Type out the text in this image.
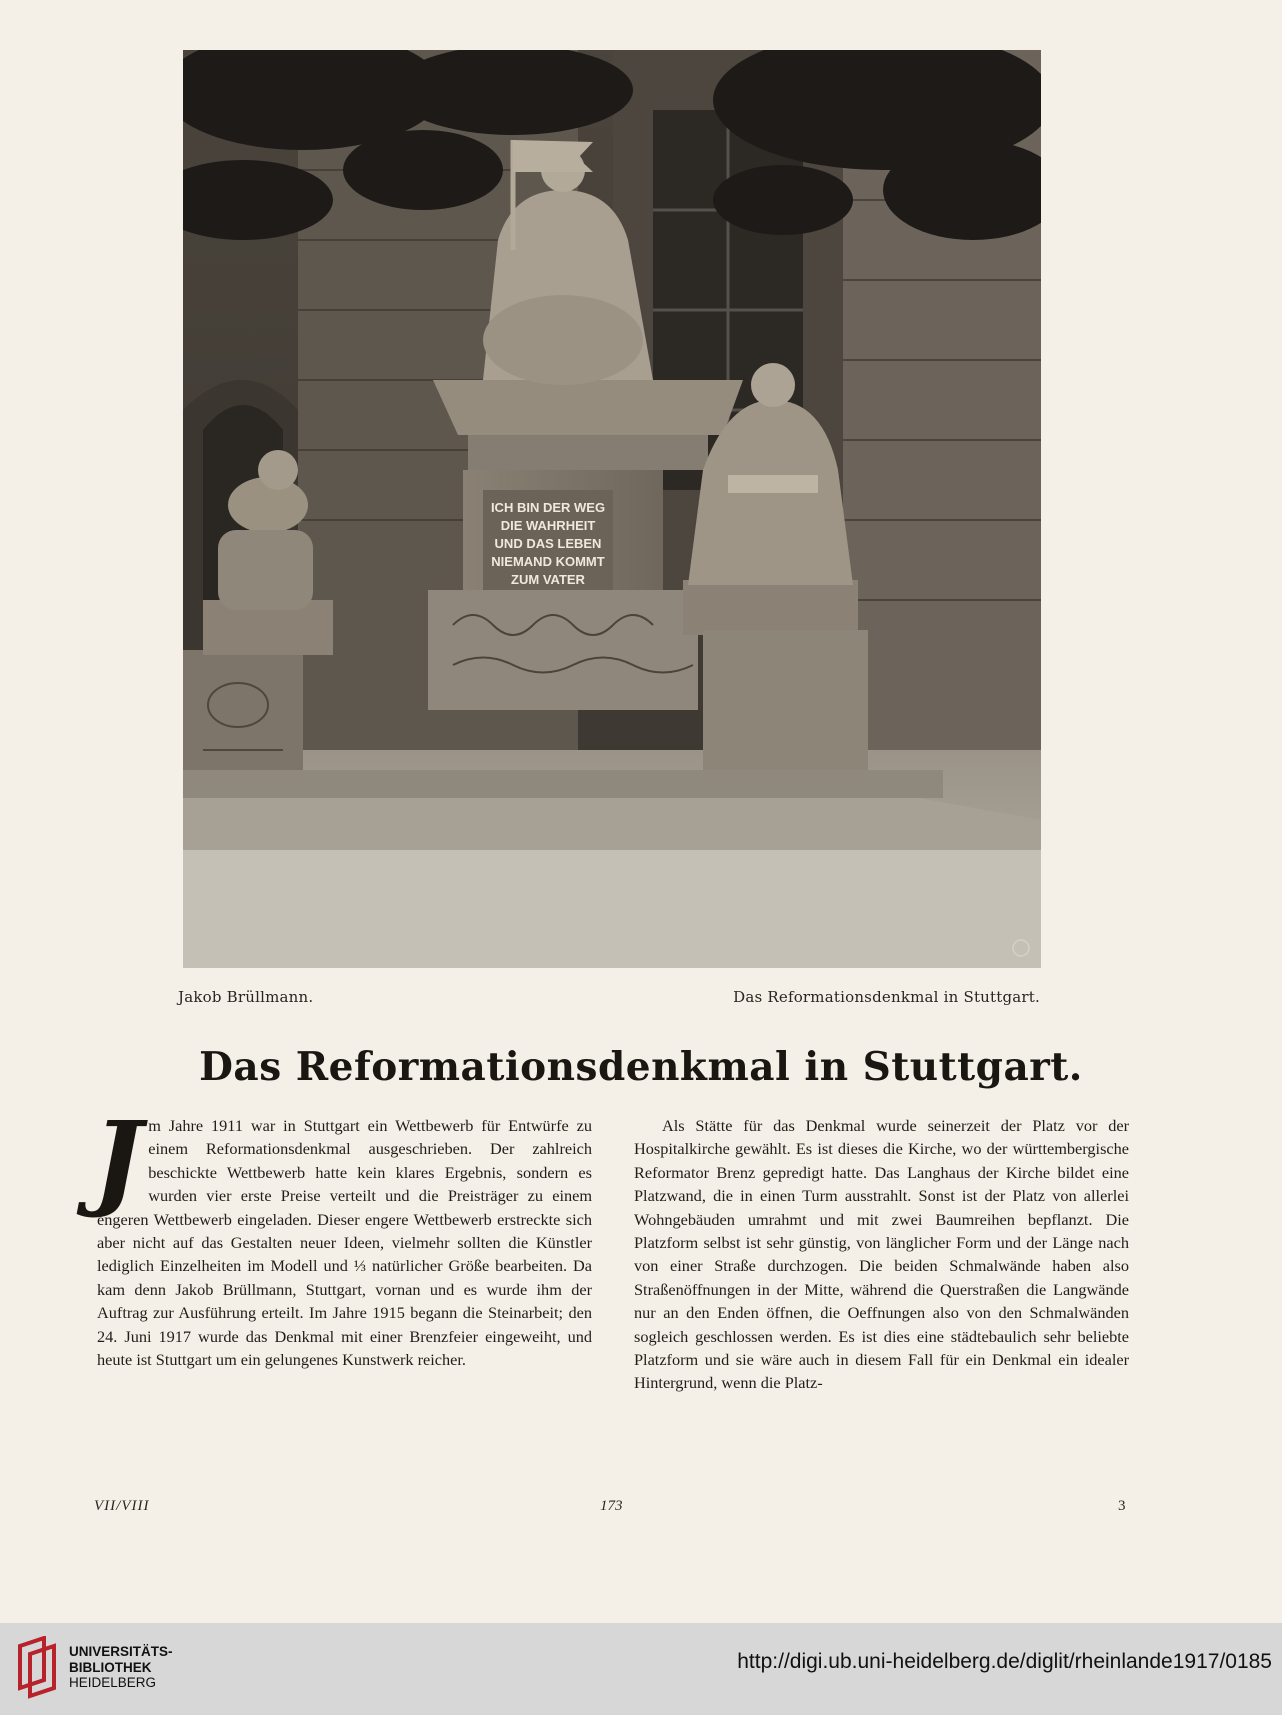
ICH BIN DER WEG
DIE WAHRHEIT
UND DAS LEBEN
NIEMAND KOMMT
ZUM VATER
Jakob Brüllmann.	Das Reformationsdenkmal in Stuttgart.
Das Reformationsdenkmal in Stuttgart.

Jm Jahre 1911 war in Stuttgart ein Wettbewerb für Entwürfe zu einem Reformationsdenkmal ausgeschrieben. Der zahlreich beschickte Wettbewerb hatte kein klares Ergebnis, sondern es wurden vier erste Preise verteilt und die Preisträger zu einem engeren Wettbewerb eingeladen. Dieser engere Wettbewerb erstreckte sich aber nicht auf das Gestalten neuer Ideen, vielmehr sollten die Künstler lediglich Einzelheiten im Modell und ⅓ natürlicher Größe bearbeiten. Da kam denn Jakob Brüllmann, Stuttgart, vornan und es wurde ihm der Auftrag zur Ausführung erteilt. Im Jahre 1915 begann die Steinarbeit; den 24. Juni 1917 wurde das Denkmal mit einer Brenzfeier eingeweiht, und heute ist Stuttgart um ein gelungenes Kunstwerk reicher.

Als Stätte für das Denkmal wurde seinerzeit der Platz vor der Hospitalkirche gewählt. Es ist dieses die Kirche, wo der württembergische Reformator Brenz gepredigt hatte. Das Langhaus der Kirche bildet eine Platzwand, die in einen Turm ausstrahlt. Sonst ist der Platz von allerlei Wohngebäuden umrahmt und mit zwei Baumreihen bepflanzt. Die Platzform selbst ist sehr günstig, von länglicher Form und der Länge nach von einer Straße durchzogen. Die beiden Schmalwände haben also Straßenöffnungen in der Mitte, während die Querstraßen die Langwände nur an den Enden öffnen, die Oeffnungen also von den Schmalwänden sogleich geschlossen werden. Es ist dies eine städtebaulich sehr beliebte Platzform und sie wäre auch in diesem Fall für ein Denkmal ein idealer Hintergrund, wenn die Platz-

VII/VIII	173	3
UNIVERSITÄTS-
BIBLIOTHEK
HEIDELBERG
http://digi.ub.uni-heidelberg.de/diglit/rheinlande1917/0185
